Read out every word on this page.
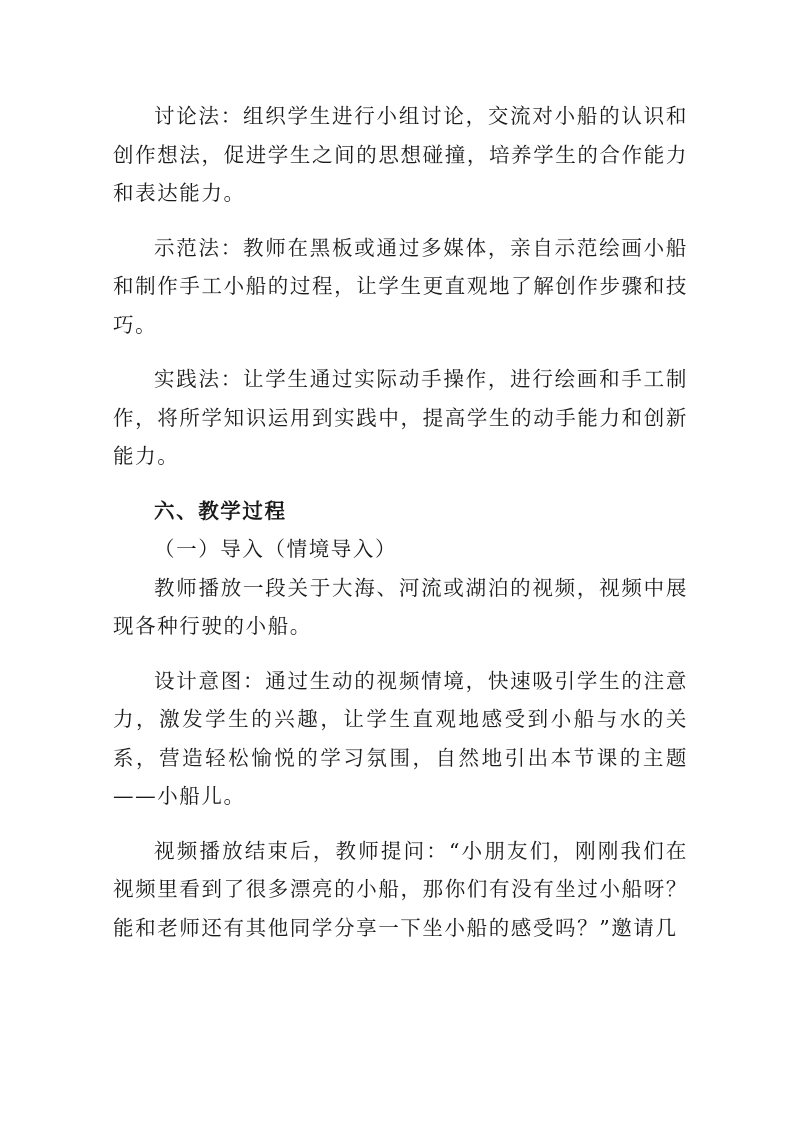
讨论法：组织学生进行小组讨论，交流对小船的认识和创作想法，促进学生之间的思想碰撞，培养学生的合作能力和表达能力。

示范法：教师在黑板或通过多媒体，亲自示范绘画小船和制作手工小船的过程，让学生更直观地了解创作步骤和技巧。

实践法：让学生通过实际动手操作，进行绘画和手工制作，将所学知识运用到实践中，提高学生的动手能力和创新能力。

六、教学过程

（一）导入（情境导入）

教师播放一段关于大海、河流或湖泊的视频，视频中展现各种行驶的小船。

设计意图：通过生动的视频情境，快速吸引学生的注意力，激发学生的兴趣，让学生直观地感受到小船与水的关系，营造轻松愉悦的学习氛围，自然地引出本节课的主题——小船儿。

视频播放结束后，教师提问：“小朋友们，刚刚我们在视频里看到了很多漂亮的小船，那你们有没有坐过小船呀？能和老师还有其他同学分享一下坐小船的感受吗？”邀请几
